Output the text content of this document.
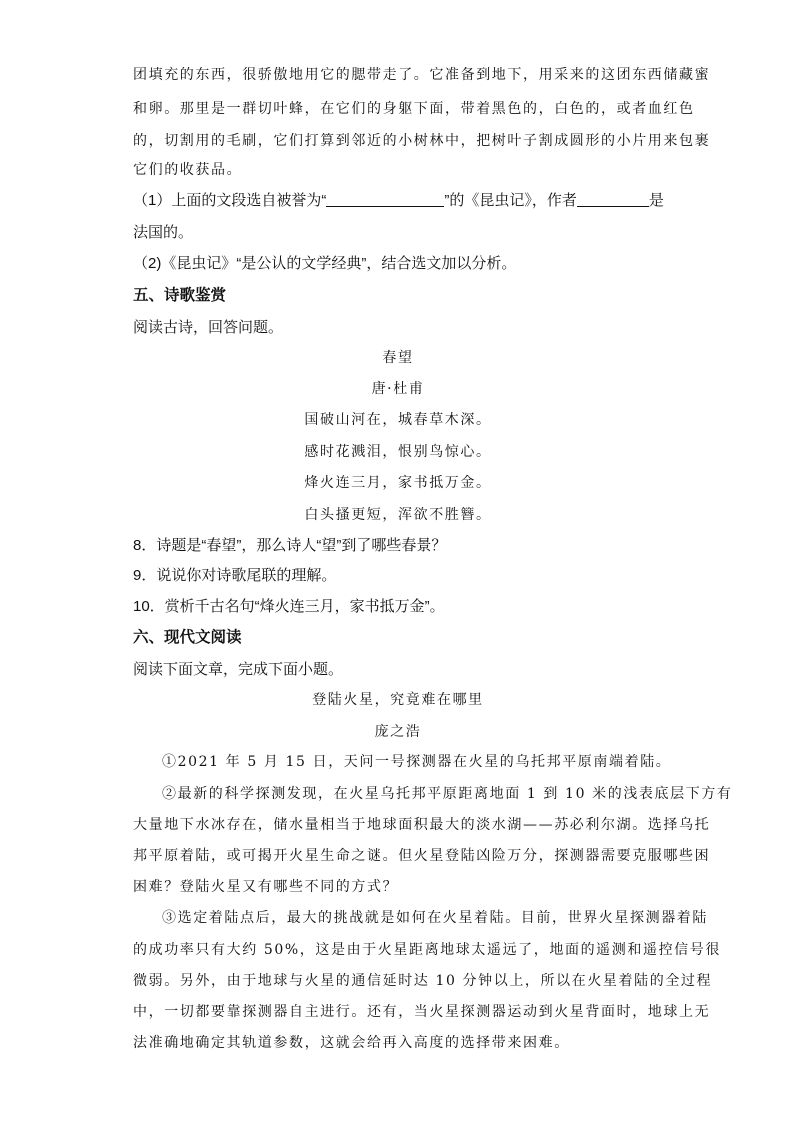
团填充的东西，很骄傲地用它的腮带走了。它准备到地下，用采来的这团东西储藏蜜
和卵。那里是一群切叶蜂，在它们的身躯下面，带着黑色的，白色的，或者血红色
的，切割用的毛刷，它们打算到邻近的小树林中，把树叶子割成圆形的小片用来包裹
它们的收获品。
（1）上面的文段选自被誉为“	”的《昆虫记》，作者	是
法国的。
（2)《昆虫记》“是公认的文学经典”，结合选文加以分析。
五、诗歌鉴赏
阅读古诗，回答问题。
春望
唐·杜甫
国破山河在，城春草木深。
感时花溅泪，恨别鸟惊心。
烽火连三月，家书抵万金。
白头搔更短，浑欲不胜簪。
8．诗题是“春望”，那么诗人“望”到了哪些春景？
9．说说你对诗歌尾联的理解。
10．赏析千古名句“烽火连三月，家书抵万金”。
六、现代文阅读
阅读下面文章，完成下面小题。
登陆火星，究竟难在哪里
庞之浩
①2021 年 5 月 15 日，天问一号探测器在火星的乌托邦平原南端着陆。
②最新的科学探测发现，在火星乌托邦平原距离地面 1 到 10 米的浅表底层下方有
大量地下水冰存在，储水量相当于地球面积最大的淡水湖——苏必利尔湖。选择乌托
邦平原着陆，或可揭开火星生命之谜。但火星登陆凶险万分，探测器需要克服哪些困
困难？登陆火星又有哪些不同的方式？
③选定着陆点后，最大的挑战就是如何在火星着陆。目前，世界火星探测器着陆
的成功率只有大约 50%，这是由于火星距离地球太遥远了，地面的遥测和遥控信号很
微弱。另外，由于地球与火星的通信延时达 10 分钟以上，所以在火星着陆的全过程
中，一切都要靠探测器自主进行。还有，当火星探测器运动到火星背面时，地球上无
法准确地确定其轨道参数，这就会给再入高度的选择带来困难。
